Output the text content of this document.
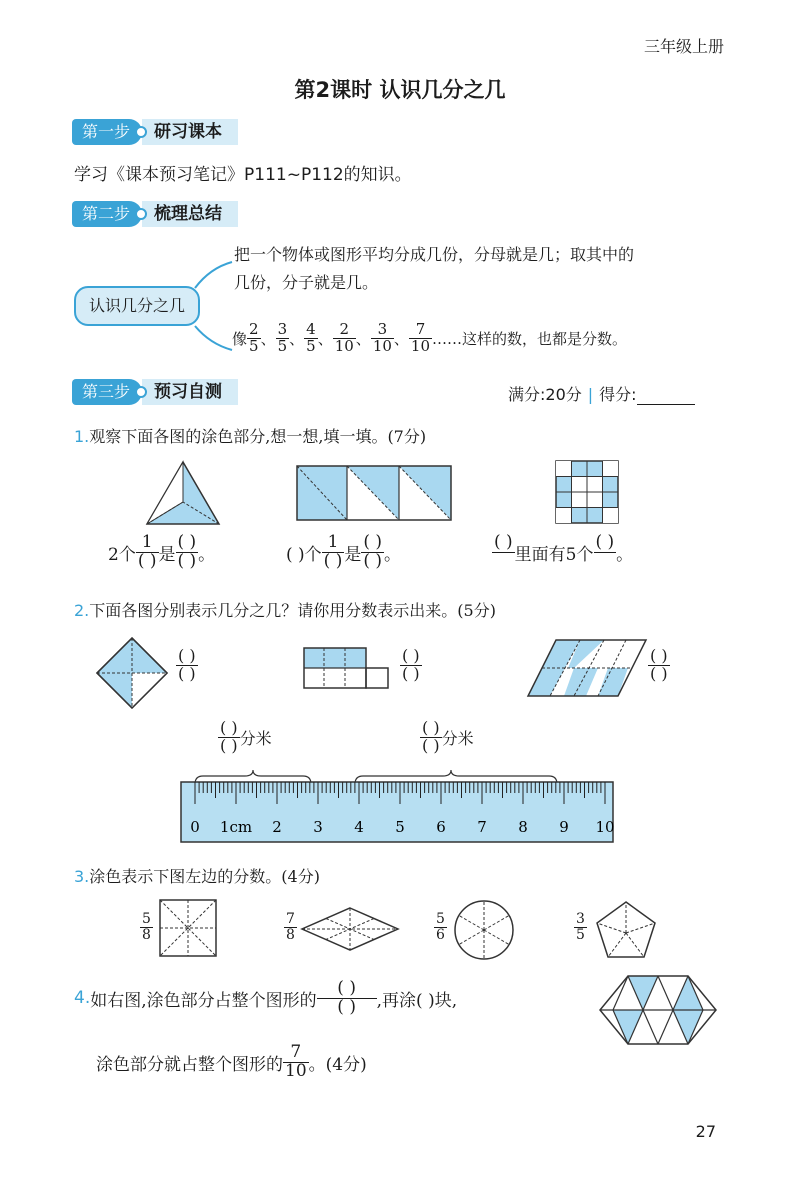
三年级上册
第2课时 认识几分之几
第一步	研习课本
学习《课本预习笔记》P111~P112的知识。
第二步	梳理总结
认识几分之几
把一个物体或图形平均分成几份，分母就是几；取其中的
几份，分子就是几。
像 $\frac{2}{5}$ 、 $\frac{3}{5}$ 、 $\frac{4}{5}$ 、 $\frac{2}{10}$ 、 $\frac{3}{10}$ 、 $\frac{7}{10}$ ……这样的数，也都是分数。
第三步	预习自测	满分:20分 | 得分:
1.观察下面各图的涂色部分,想一想,填一填。(7分)
2个 $\frac{1}{( )}$ 是 $\frac{( )}{( )}$ 。	( )个 $\frac{1}{( )}$ 是 $\frac{( )}{( )}$ 。
( )
里面有5个
( )
。
2.下面各图分别表示几分之几？请你用分数表示出来。(5分)
$\frac{( )}{( )}$	$\frac{( )}{( )}$	$\frac{( )}{( )}$
$\frac{( )}{( )}$ 分米	$\frac{( )}{( )}$ 分米
0 1cm 2 3 4 5 6 7 8 9 10
3.涂色表示下图左边的分数。(4分)
$\frac{5}{8}$	$\frac{7}{8}$	$\frac{5}{6}$	$\frac{3}{5}$
4. 如右图,涂色部分占整个图形的 $\frac{( )}{( )}$ ,再涂( )块,
涂色部分就占整个图形的 $\frac{7}{10}$ 。(4分)
27
